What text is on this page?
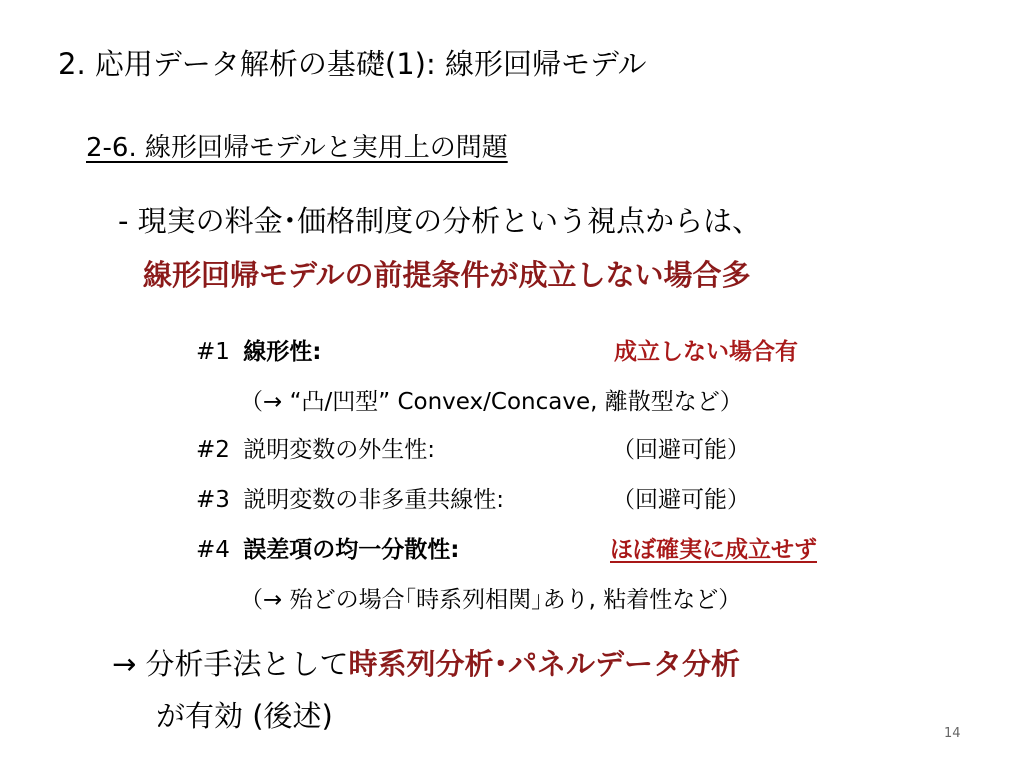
2. 応用データ解析の基礎(1): 線形回帰モデル
2-6. 線形回帰モデルと実用上の問題
- 現実の料金･価格制度の分析という視点からは、
線形回帰モデルの前提条件が成立しない場合多
#1 線形性:	成立しない場合有
（→ “凸/凹型” Convex/Concave, 離散型など）
#2 説明変数の外生性:	（回避可能）
#3 説明変数の非多重共線性:	（回避可能）
#4 誤差項の均一分散性:	ほぼ確実に成立せず
（→ 殆どの場合｢時系列相関｣あり, 粘着性など）
→ 分析手法として時系列分析･パネルデータ分析
が有効 (後述)
14
